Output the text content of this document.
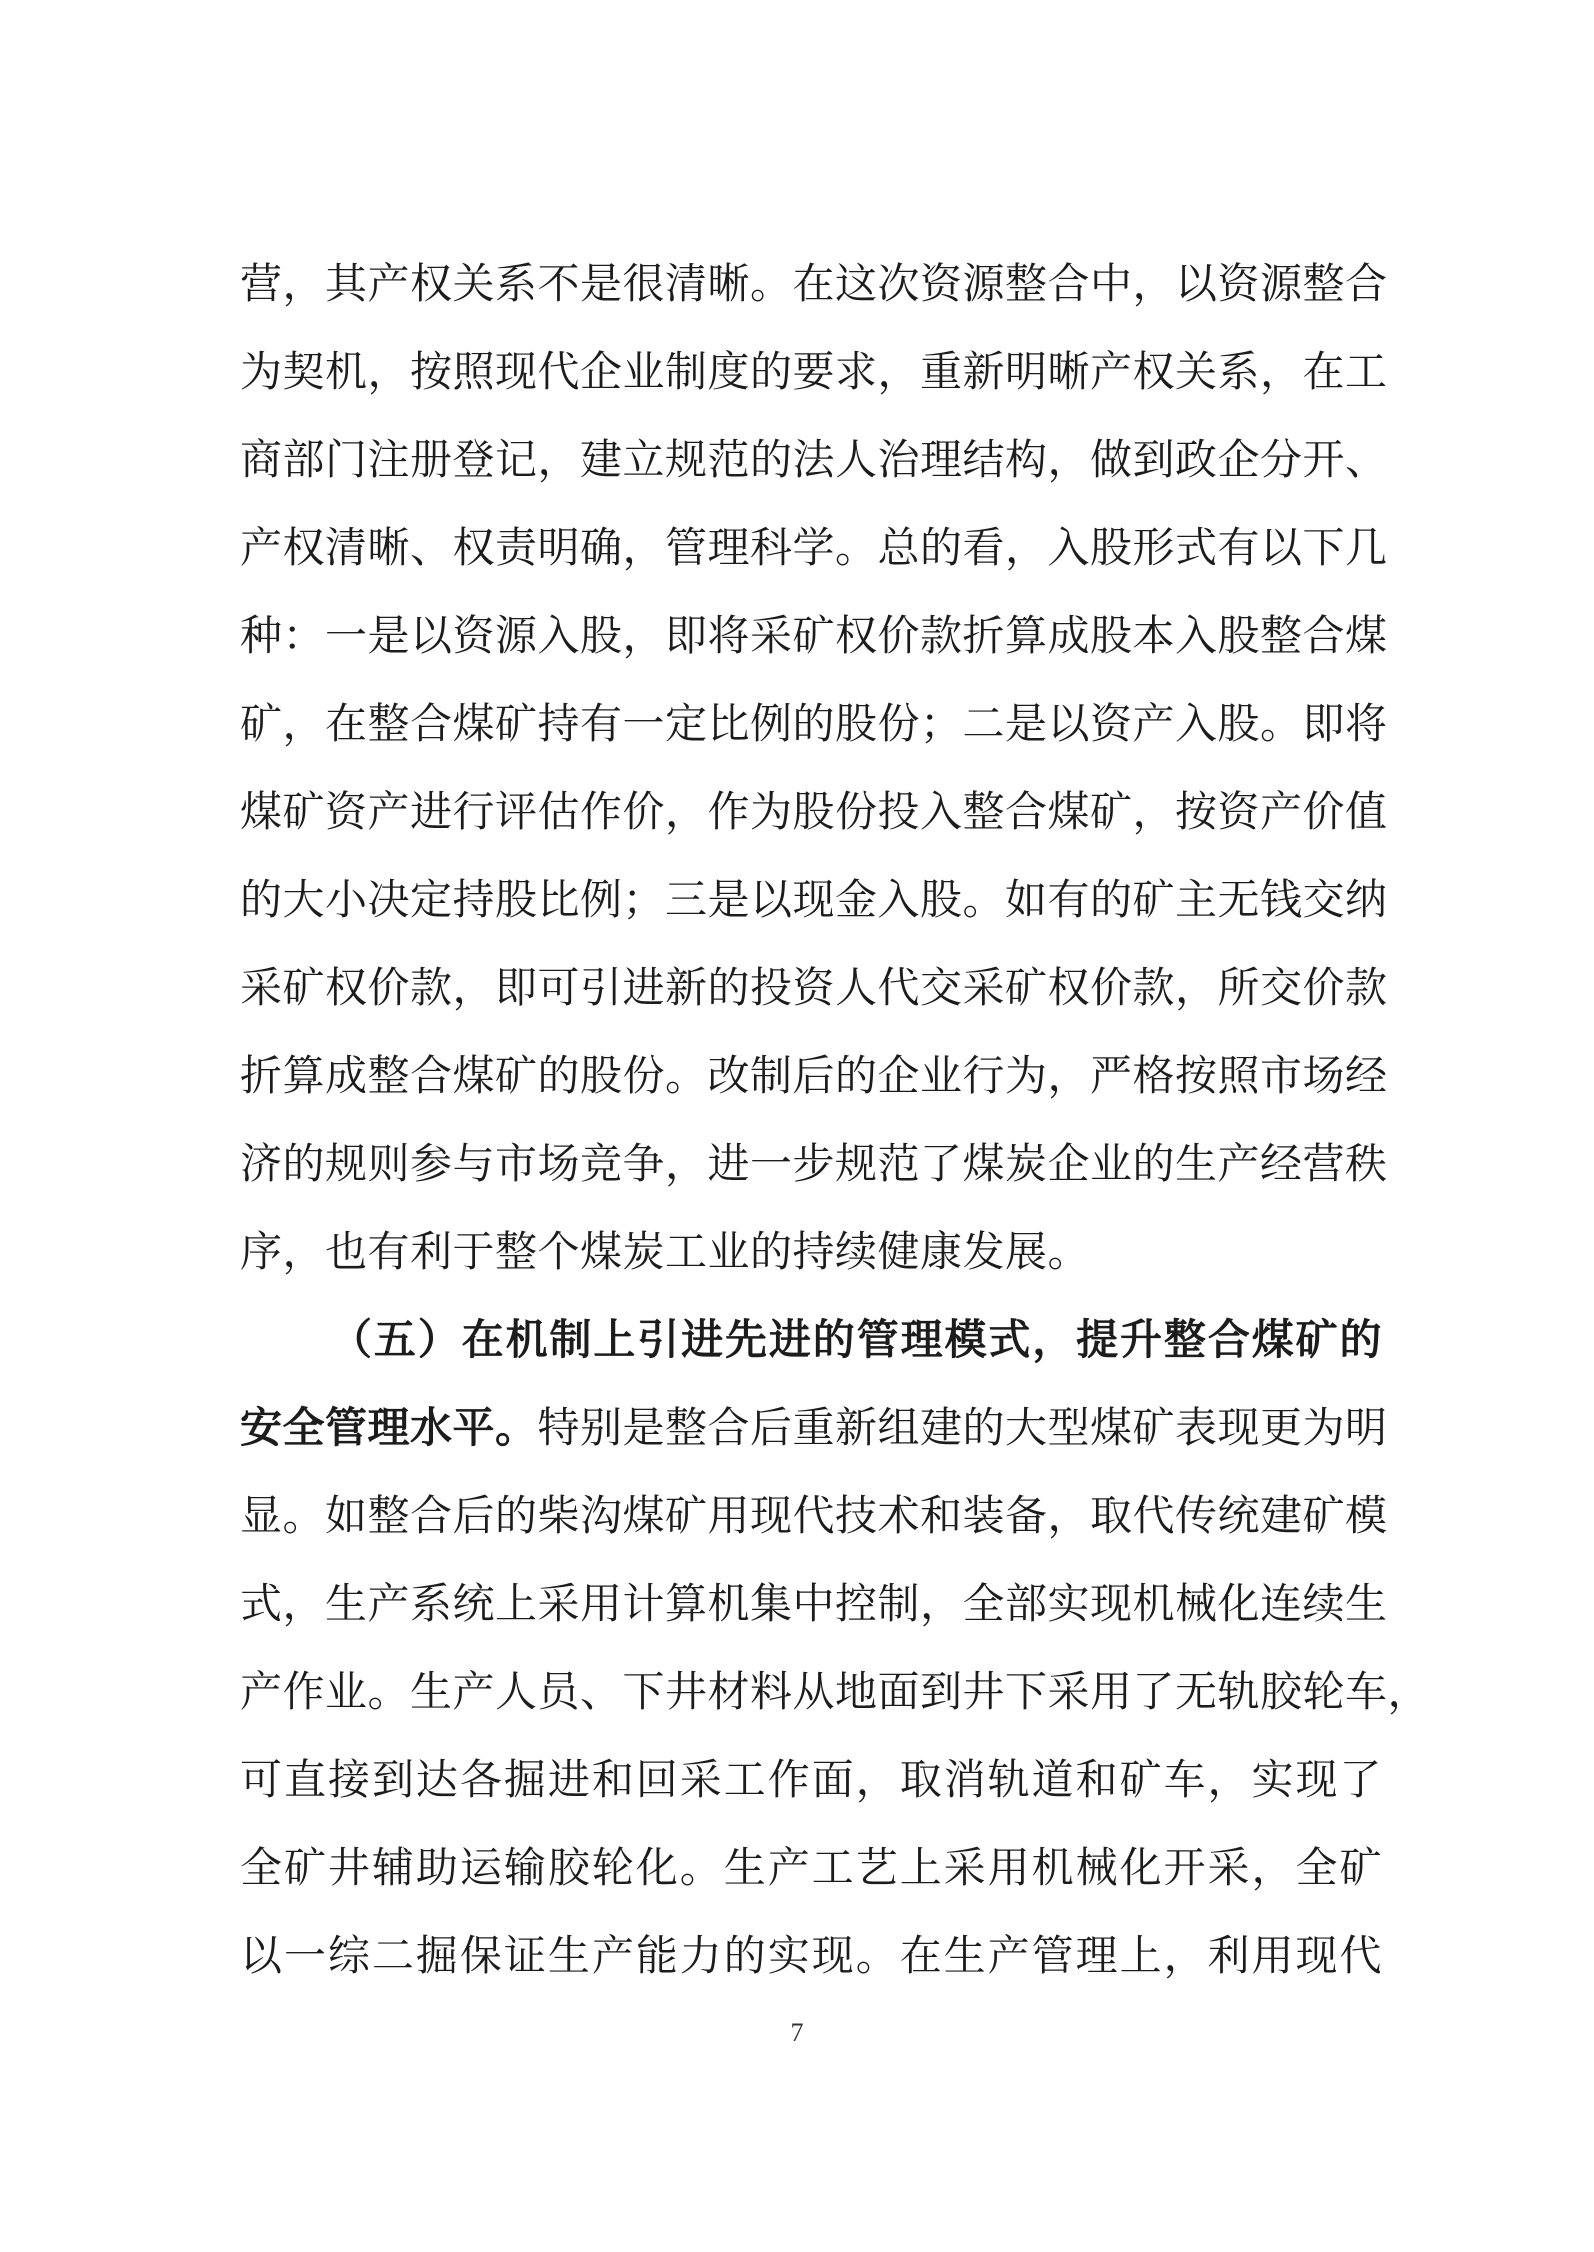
营，其产权关系不是很清晰。在这次资源整合中，以资源整合
为契机，按照现代企业制度的要求，重新明晰产权关系，在工
商部门注册登记，建立规范的法人治理结构，做到政企分开、
产权清晰、权责明确，管理科学。总的看，入股形式有以下几
种：一是以资源入股，即将采矿权价款折算成股本入股整合煤
矿，在整合煤矿持有一定比例的股份；二是以资产入股。即将
煤矿资产进行评估作价，作为股份投入整合煤矿，按资产价值
的大小决定持股比例；三是以现金入股。如有的矿主无钱交纳
采矿权价款，即可引进新的投资人代交采矿权价款，所交价款
折算成整合煤矿的股份。改制后的企业行为，严格按照市场经
济的规则参与市场竞争，进一步规范了煤炭企业的生产经营秩
序，也有利于整个煤炭工业的持续健康发展。
（五）在机制上引进先进的管理模式，提升整合煤矿的
安全管理水平。特别是整合后重新组建的大型煤矿表现更为明
显。如整合后的柴沟煤矿用现代技术和装备，取代传统建矿模
式，生产系统上采用计算机集中控制，全部实现机械化连续生
产作业。生产人员、下井材料从地面到井下采用了无轨胶轮车，
可直接到达各掘进和回采工作面，取消轨道和矿车，实现了
全矿井辅助运输胶轮化。生产工艺上采用机械化开采，全矿
以一综二掘保证生产能力的实现。在生产管理上，利用现代
7
